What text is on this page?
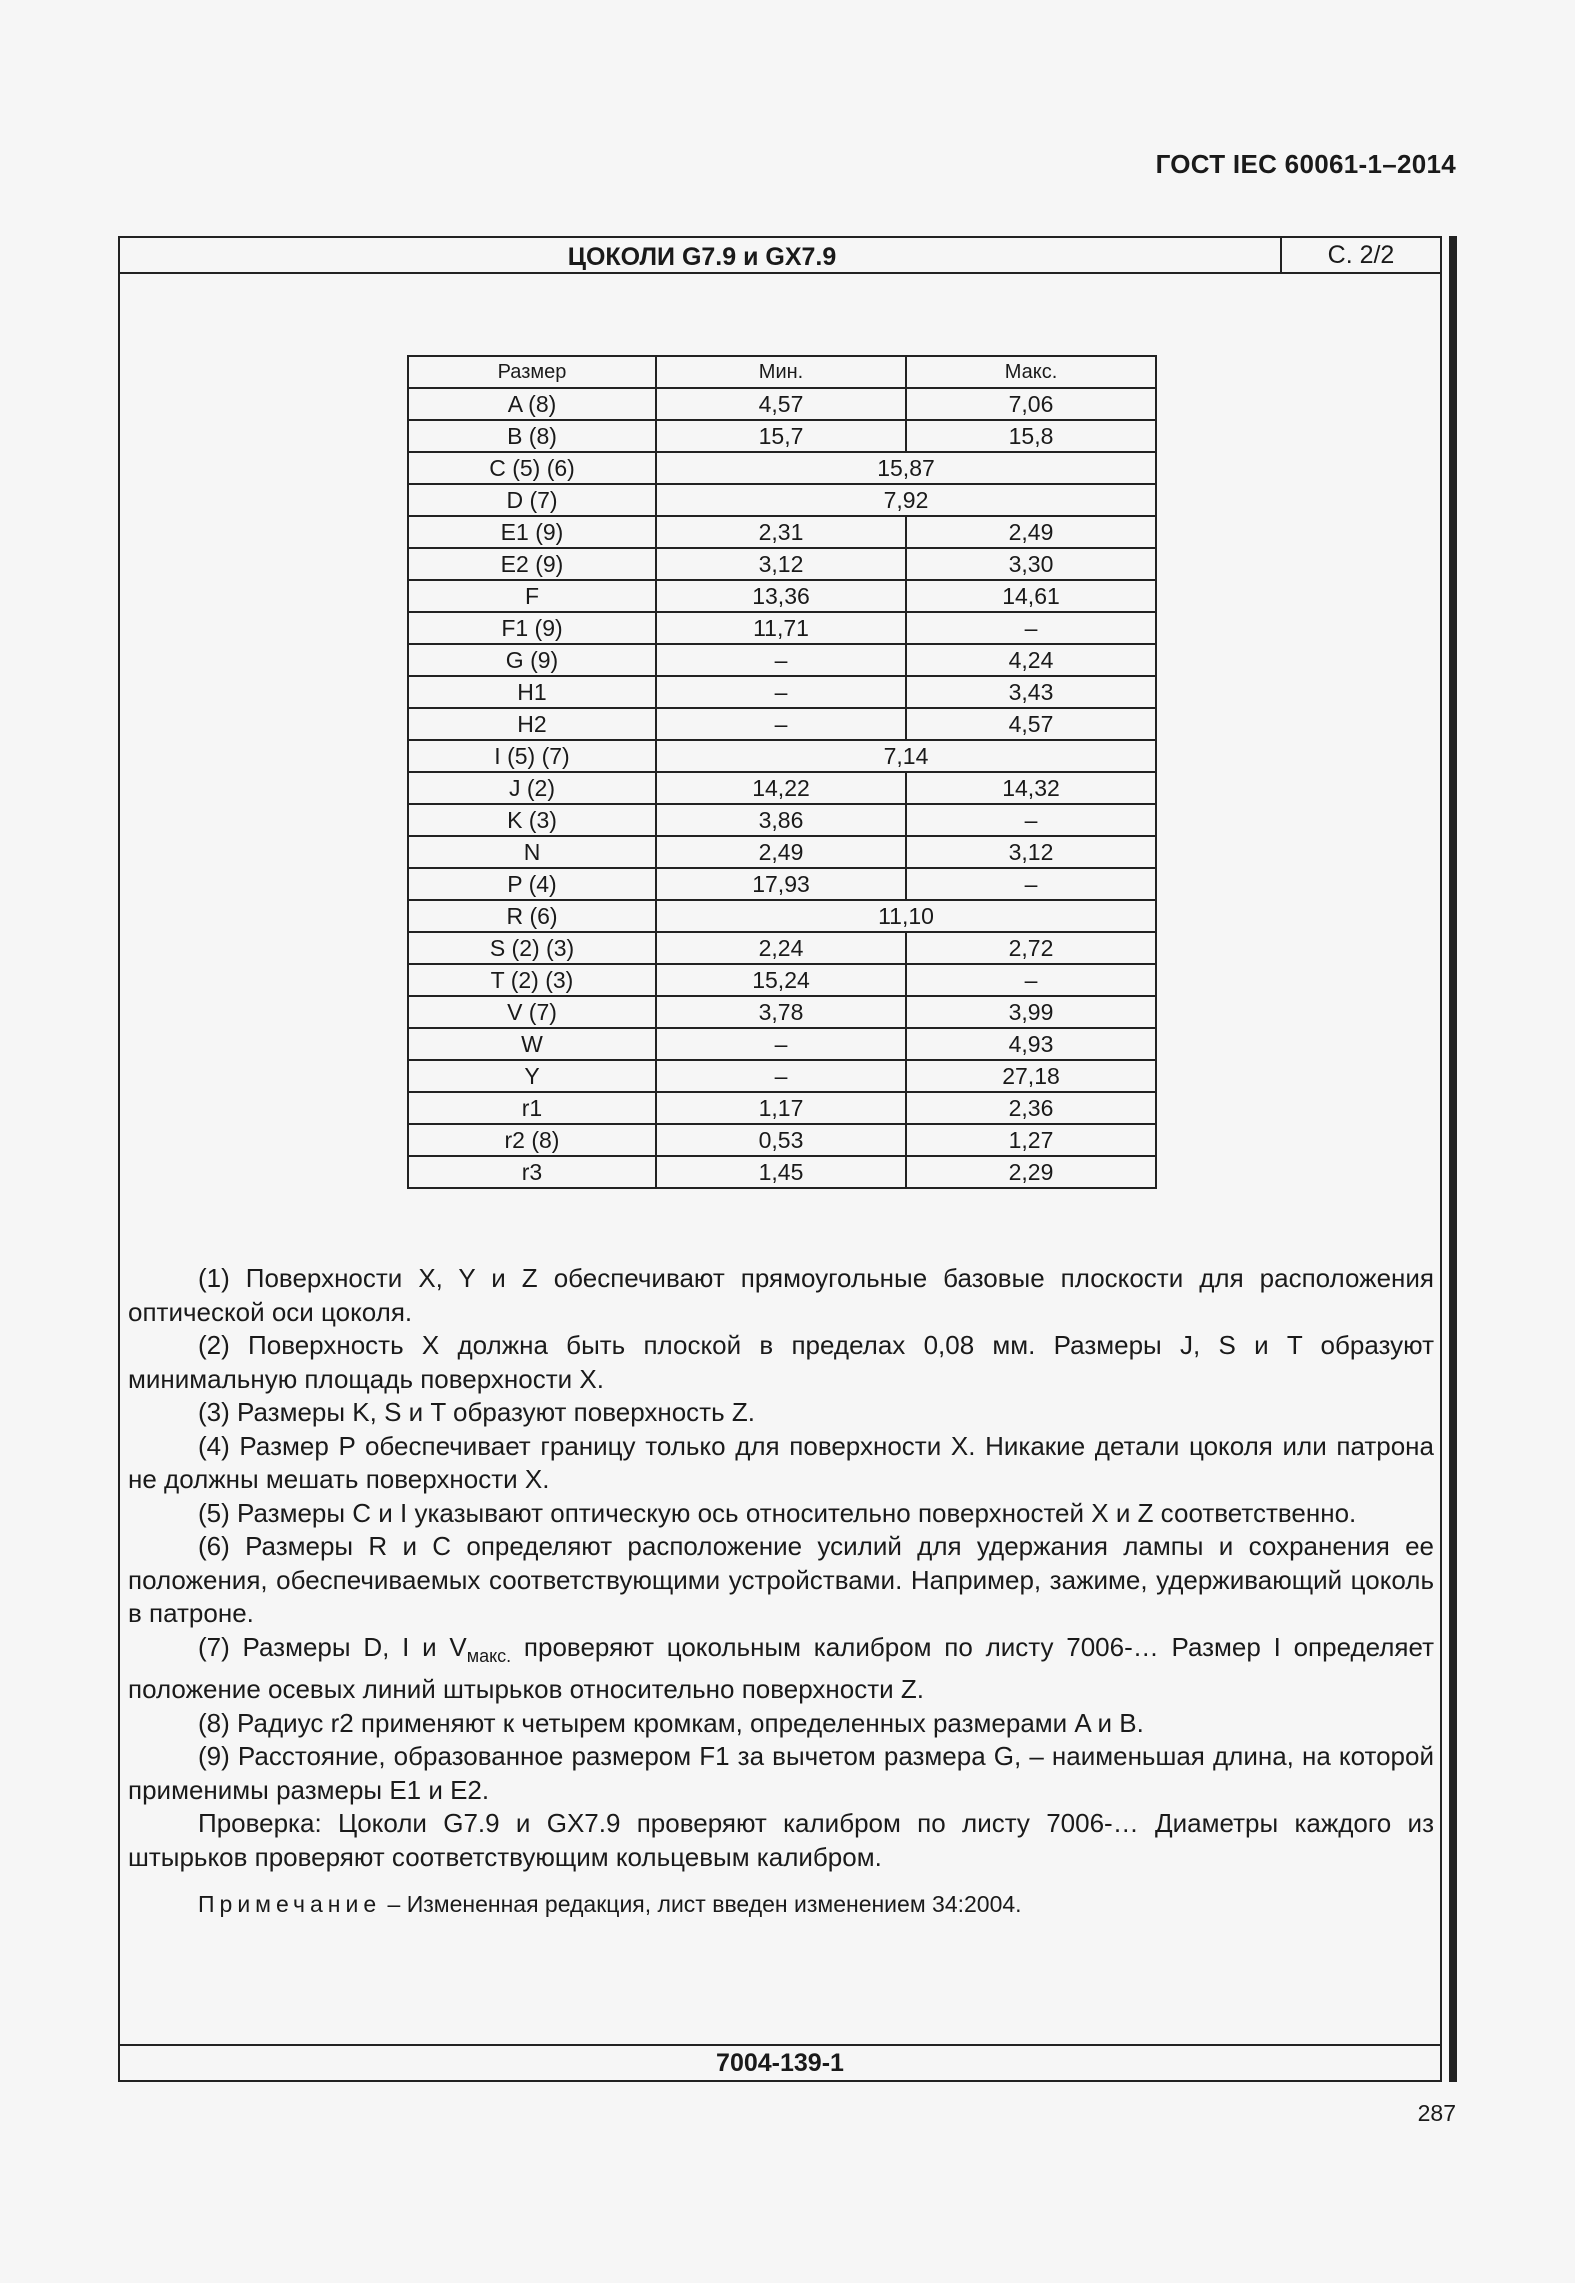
ГОСТ IEC 60061-1–2014
ЦОКОЛИ G7.9 и GX7.9	С. 2/2
Размер	Мин.	Макс.
A (8)	4,57	7,06
B (8)	15,7	15,8
C (5) (6)	15,87	
D (7)	7,92	
E1 (9)	2,31	2,49
E2 (9)	3,12	3,30
F	13,36	14,61
F1 (9)	11,71	–
G (9)	–	4,24
H1	–	3,43
H2	–	4,57
I (5) (7)	7,14	
J (2)	14,22	14,32
K (3)	3,86	–
N	2,49	3,12
P (4)	17,93	–
R (6)	11,10	
S (2) (3)	2,24	2,72
T (2) (3)	15,24	–
V (7)	3,78	3,99
W	–	4,93
Y	–	27,18
r1	1,17	2,36
r2 (8)	0,53	1,27
r3	1,45	2,29

(1) Поверхности X, Y и Z обеспечивают прямоугольные базовые плоскости для расположения оптической оси цоколя.

(2) Поверхность X должна быть плоской в пределах 0,08 мм. Размеры J, S и T образуют минимальную площадь поверхности X.

(3) Размеры K, S и T образуют поверхность Z.

(4) Размер P обеспечивает границу только для поверхности X. Никакие детали цоколя или патрона не должны мешать поверхности X.

(5) Размеры C и I указывают оптическую ось относительно поверхностей X и Z соответственно.

(6) Размеры R и C определяют расположение усилий для удержания лампы и сохранения ее положения, обеспечиваемых соответствующими устройствами. Например, зажиме, удерживающий цоколь в патроне.

(7) Размеры D, I и $V_{макс.}$ проверяют цокольным калибром по листу 7006-… Размер I определяет положение осевых линий штырьков относительно поверхности Z.

(8) Радиус r2 применяют к четырем кромкам, определенных размерами A и B.

(9) Расстояние, образованное размером F1 за вычетом размера G, – наименьшая длина, на которой применимы размеры E1 и E2.

Проверка: Цоколи G7.9 и GX7.9 проверяют калибром по листу 7006-… Диаметры каждого из штырьков проверяют соответствующим кольцевым калибром.

Примечание – Измененная редакция, лист введен изменением 34:2004.

7004-139-1
287
